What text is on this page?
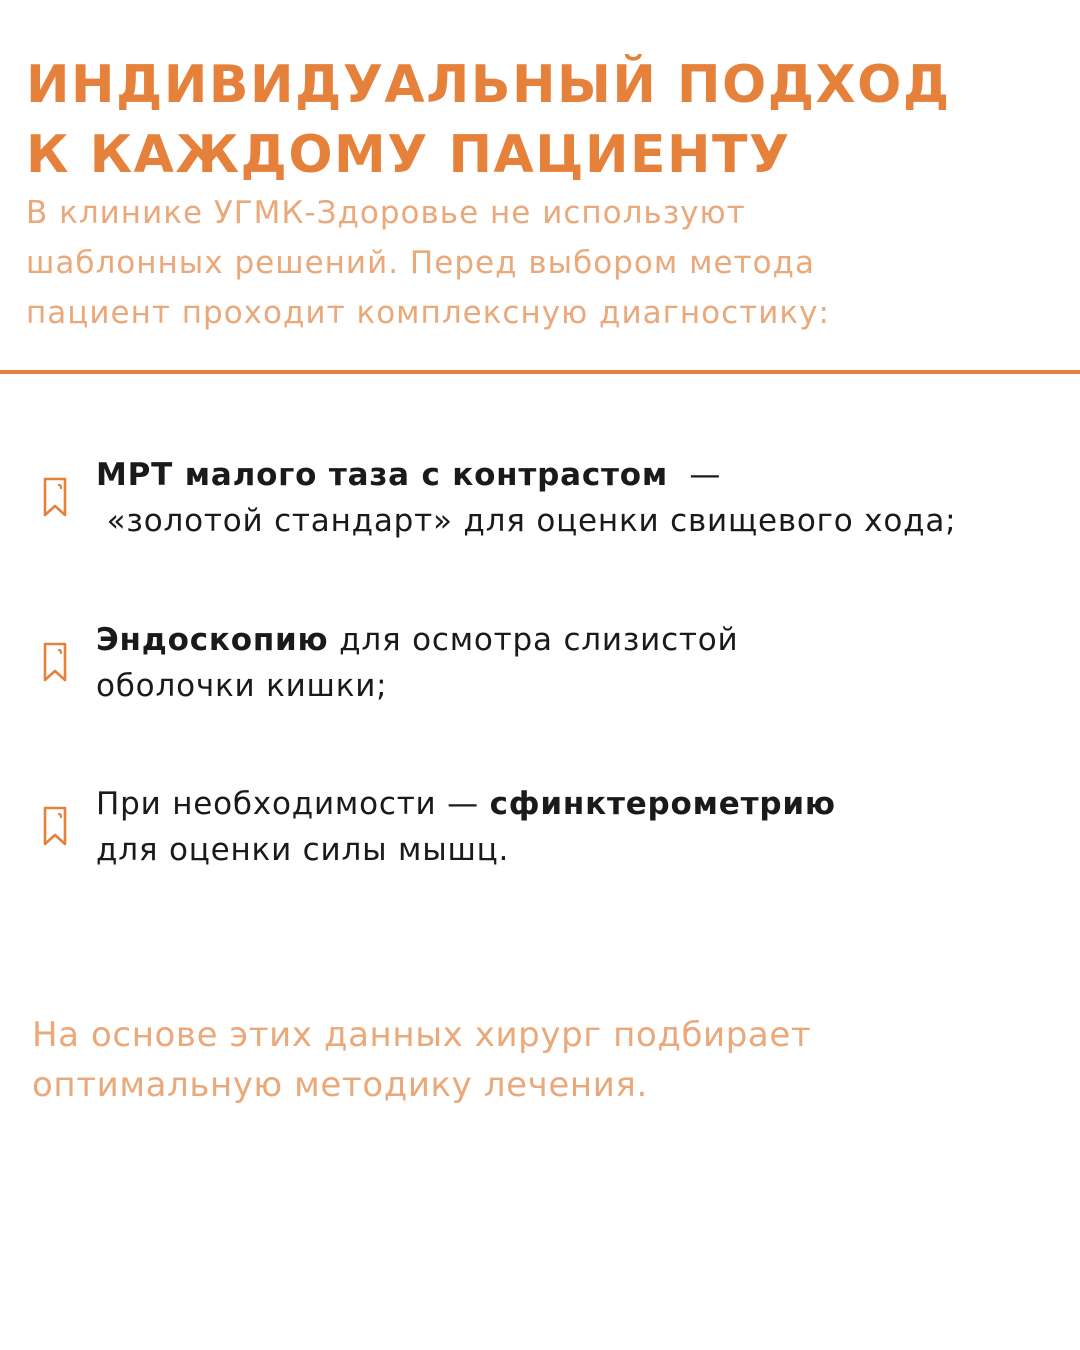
ИНДИВИДУАЛЬНЫЙ ПОДХОД
К КАЖДОМУ ПАЦИЕНТУ

В клинике УГМК-Здоровье не используют
шаблонных решений. Перед выбором метода
пациент проходит комплексную диагностику:

МРТ малого таза с контрастом  —
«золотой стандарт» для оценки свищевого хода;
Эндоскопию для осмотра слизистой
оболочки кишки;
При необходимости — сфинктерометрию
для оценки силы мышц.

На основе этих данных хирург подбирает
оптимальную методику лечения.
